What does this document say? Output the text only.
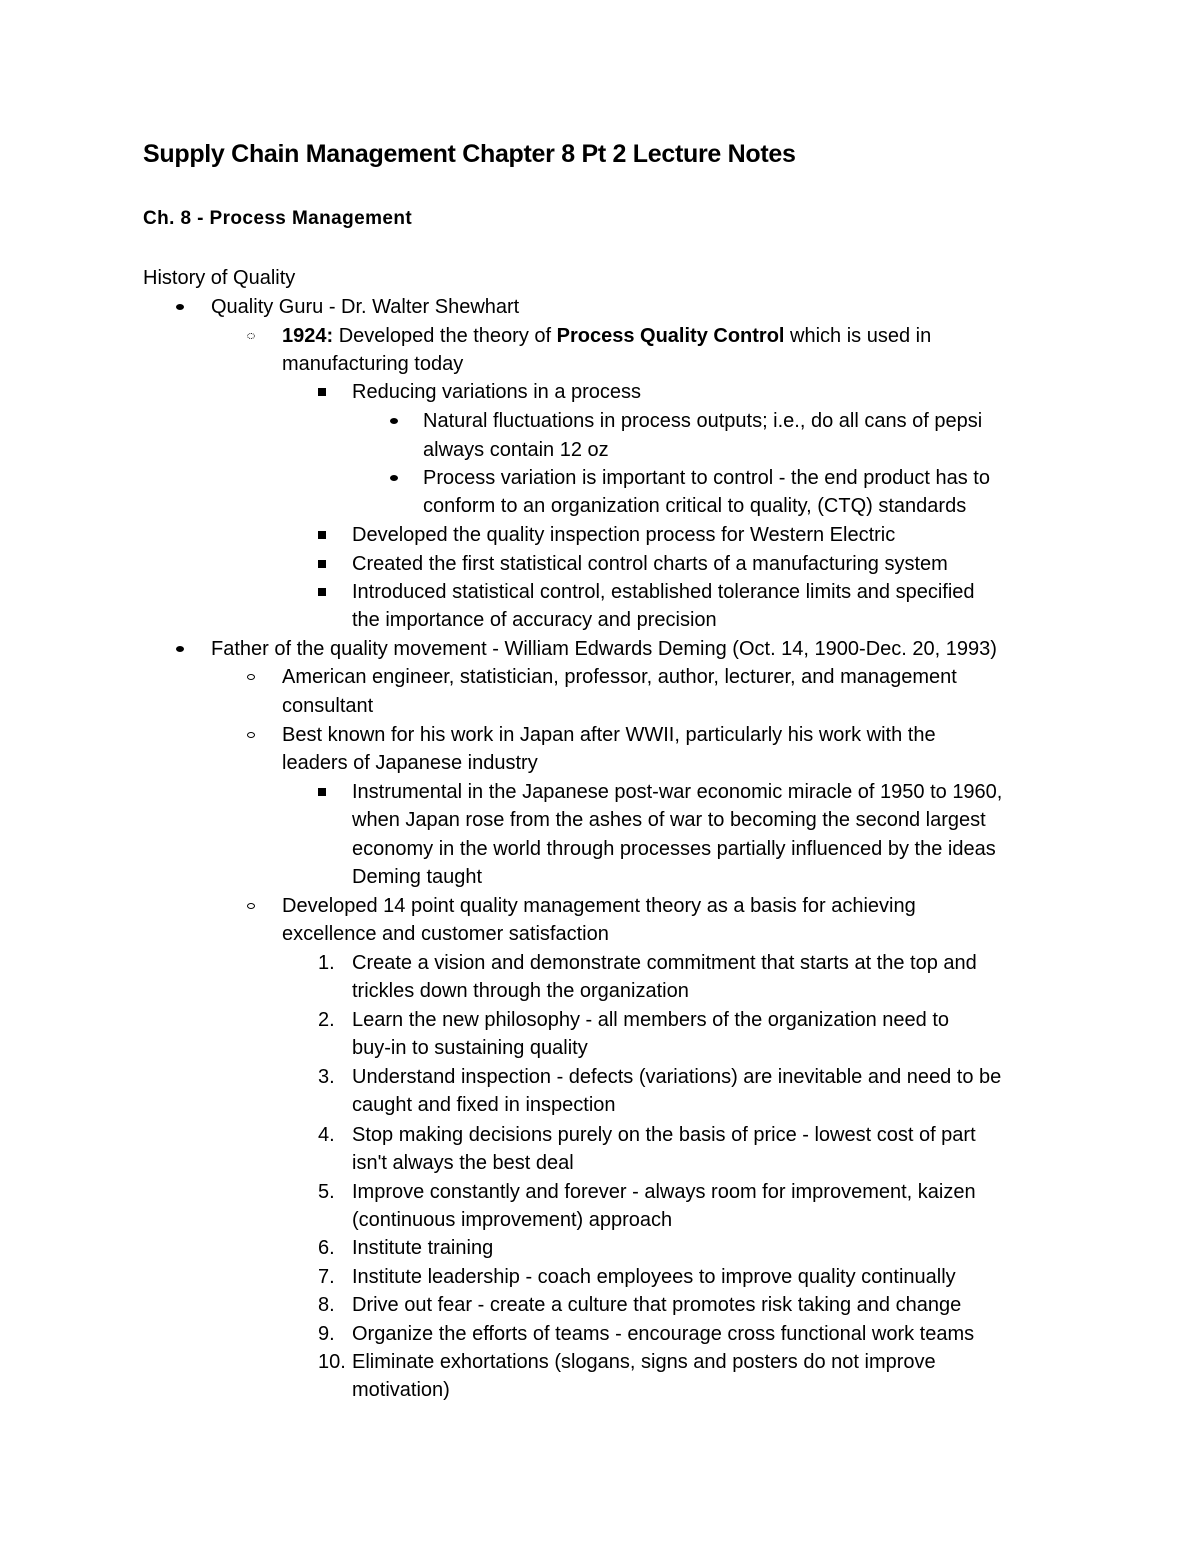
Supply Chain Management Chapter 8 Pt 2 Lecture Notes
Ch. 8 - Process Management
History of Quality
Quality Guru - Dr. Walter Shewhart
1924: Developed the theory of Process Quality Control which is used in
manufacturing today
Reducing variations in a process
Natural fluctuations in process outputs; i.e., do all cans of pepsi
always contain 12 oz
Process variation is important to control - the end product has to
conform to an organization critical to quality, (CTQ) standards
Developed the quality inspection process for Western Electric
Created the first statistical control charts of a manufacturing system
Introduced statistical control, established tolerance limits and specified
the importance of accuracy and precision
Father of the quality movement - William Edwards Deming (Oct. 14, 1900-Dec. 20, 1993)
American engineer, statistician, professor, author, lecturer, and management
consultant
Best known for his work in Japan after WWII, particularly his work with the
leaders of Japanese industry
Instrumental in the Japanese post-war economic miracle of 1950 to 1960,
when Japan rose from the ashes of war to becoming the second largest
economy in the world through processes partially influenced by the ideas
Deming taught
Developed 14 point quality management theory as a basis for achieving
excellence and customer satisfaction
1. Create a vision and demonstrate commitment that starts at the top and
trickles down through the organization
2. Learn the new philosophy - all members of the organization need to
buy-in to sustaining quality
3. Understand inspection - defects (variations) are inevitable and need to be
caught and fixed in inspection
4. Stop making decisions purely on the basis of price - lowest cost of part
isn't always the best deal
5. Improve constantly and forever - always room for improvement, kaizen
(continuous improvement) approach
6. Institute training
7. Institute leadership - coach employees to improve quality continually
8. Drive out fear - create a culture that promotes risk taking and change
9. Organize the efforts of teams - encourage cross functional work teams
10. Eliminate exhortations (slogans, signs and posters do not improve
motivation)
